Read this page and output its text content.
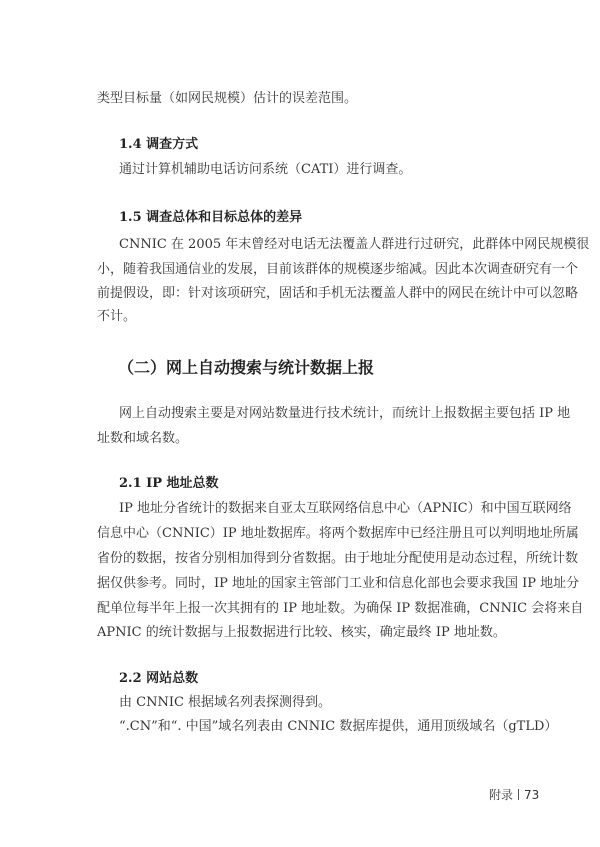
类型目标量（如网民规模）估计的误差范围。
1.4 调查方式
通过计算机辅助电话访问系统（CATI）进行调查。
1.5 调查总体和目标总体的差异
CNNIC 在 2005 年末曾经对电话无法覆盖人群进行过研究，此群体中网民规模很
小，随着我国通信业的发展，目前该群体的规模逐步缩减。因此本次调查研究有一个
前提假设，即：针对该项研究，固话和手机无法覆盖人群中的网民在统计中可以忽略
不计。
（二）网上自动搜索与统计数据上报
网上自动搜索主要是对网站数量进行技术统计，而统计上报数据主要包括 IP 地
址数和域名数。
2.1 IP 地址总数
IP 地址分省统计的数据来自亚太互联网络信息中心（APNIC）和中国互联网络
信息中心（CNNIC）IP 地址数据库。将两个数据库中已经注册且可以判明地址所属
省份的数据，按省分别相加得到分省数据。由于地址分配使用是动态过程，所统计数
据仅供参考。同时，IP 地址的国家主管部门工业和信息化部也会要求我国 IP 地址分
配单位每半年上报一次其拥有的 IP 地址数。为确保 IP 数据准确，CNNIC 会将来自
APNIC 的统计数据与上报数据进行比较、核实，确定最终 IP 地址数。
2.2 网站总数
由 CNNIC 根据域名列表探测得到。
“.CN”和“. 中国”域名列表由 CNNIC 数据库提供，通用顶级域名（gTLD）
附录 73
